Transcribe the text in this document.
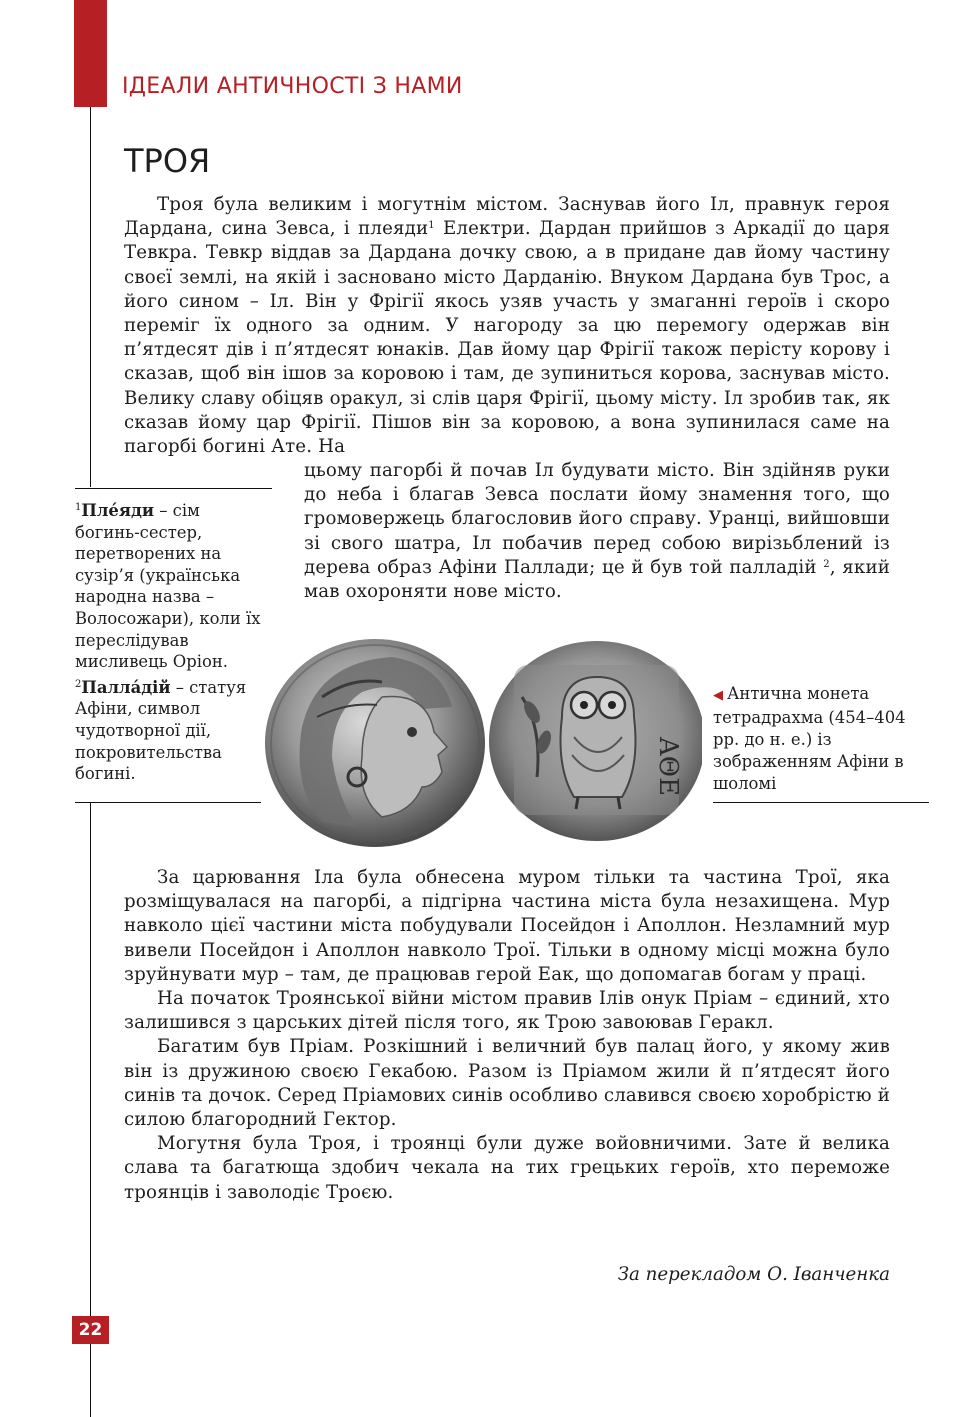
ІДЕАЛИ АНТИЧНОСТІ З НАМИ
ТРОЯ

Троя була великим і могутнім містом. Заснував його Іл, правнук героя Дардана, сина Зевса, і плеяди$^1$ Електри. Дардан прийшов з Аркадії до царя Тевкра. Тевкр віддав за Дардана дочку свою, а в придане дав йому частину своєї землі, на якій і засновано місто Дарданію. Внуком Дардана був Трос, а його сином – Іл. Він у Фрігії якось узяв участь у змаганні героїв і скоро переміг їх одного за одним. У нагороду за цю перемогу одержав він п’ятдесят дів і п’ятдесят юнаків. Дав йому цар Фрігії також перісту корову і сказав, щоб він ішов за коровою і там, де зупиниться корова, заснував місто. Велику славу обіцяв оракул, зі слів царя Фрігії, цьому місту. Іл зробив так, як сказав йому цар Фрігії. Пішов він за коровою, а вона зупинилася саме на пагорбі богині Ате. На

цьому пагорбі й почав Іл будувати місто. Він здійняв руки до неба і благав Зевса послати йому знамення того, що громовержець благословив його справу. Уранці, вийшовши зі свого шатра, Іл побачив перед собою вирізьблений із дерева образ Афіни Паллади; це й був той палладій $^2$, який мав охороняти нове місто.

$^1$Пле́яди – сім богинь-сестер, перетворених на сузір’я (українська народна назва – Волосожари), коли їх переслідував мисливець Оріон.

$^2$Палла́дій – статуя Афіни, символ чудотворної дії, покровительства богині.	ΑΘΕ
◀ Антична монета тетрадрахма (454–404 рр. до н. е.) із зображенням Афіни в шоломі

За царювання Іла була обнесена муром тільки та частина Трої, яка розміщувалася на пагорбі, а підгірна частина міста була незахищена. Мур навколо цієї частини міста побудували Посейдон і Аполлон. Незламний мур вивели Посейдон і Аполлон навколо Трої. Тільки в одному місці можна було зруйнувати мур – там, де працював герой Еак, що допомагав богам у праці.

На початок Троянської війни містом правив Ілів онук Пріам – єдиний, хто залишився з царських дітей після того, як Трою завоював Геракл.

Багатим був Пріам. Розкішний і величний був палац його, у якому жив він із дружиною своєю Гекабою. Разом із Пріамом жили й п’ятдесят його синів та дочок. Серед Пріамових синів особливо славився своєю хоробрістю й силою благородний Гектор.

Могутня була Троя, і троянці були дуже войовничими. Зате й велика слава та багатюща здобич чекала на тих грецьких героїв, хто переможе троянців і заволодіє Троєю.

За перекладом О. Іванченка

22
